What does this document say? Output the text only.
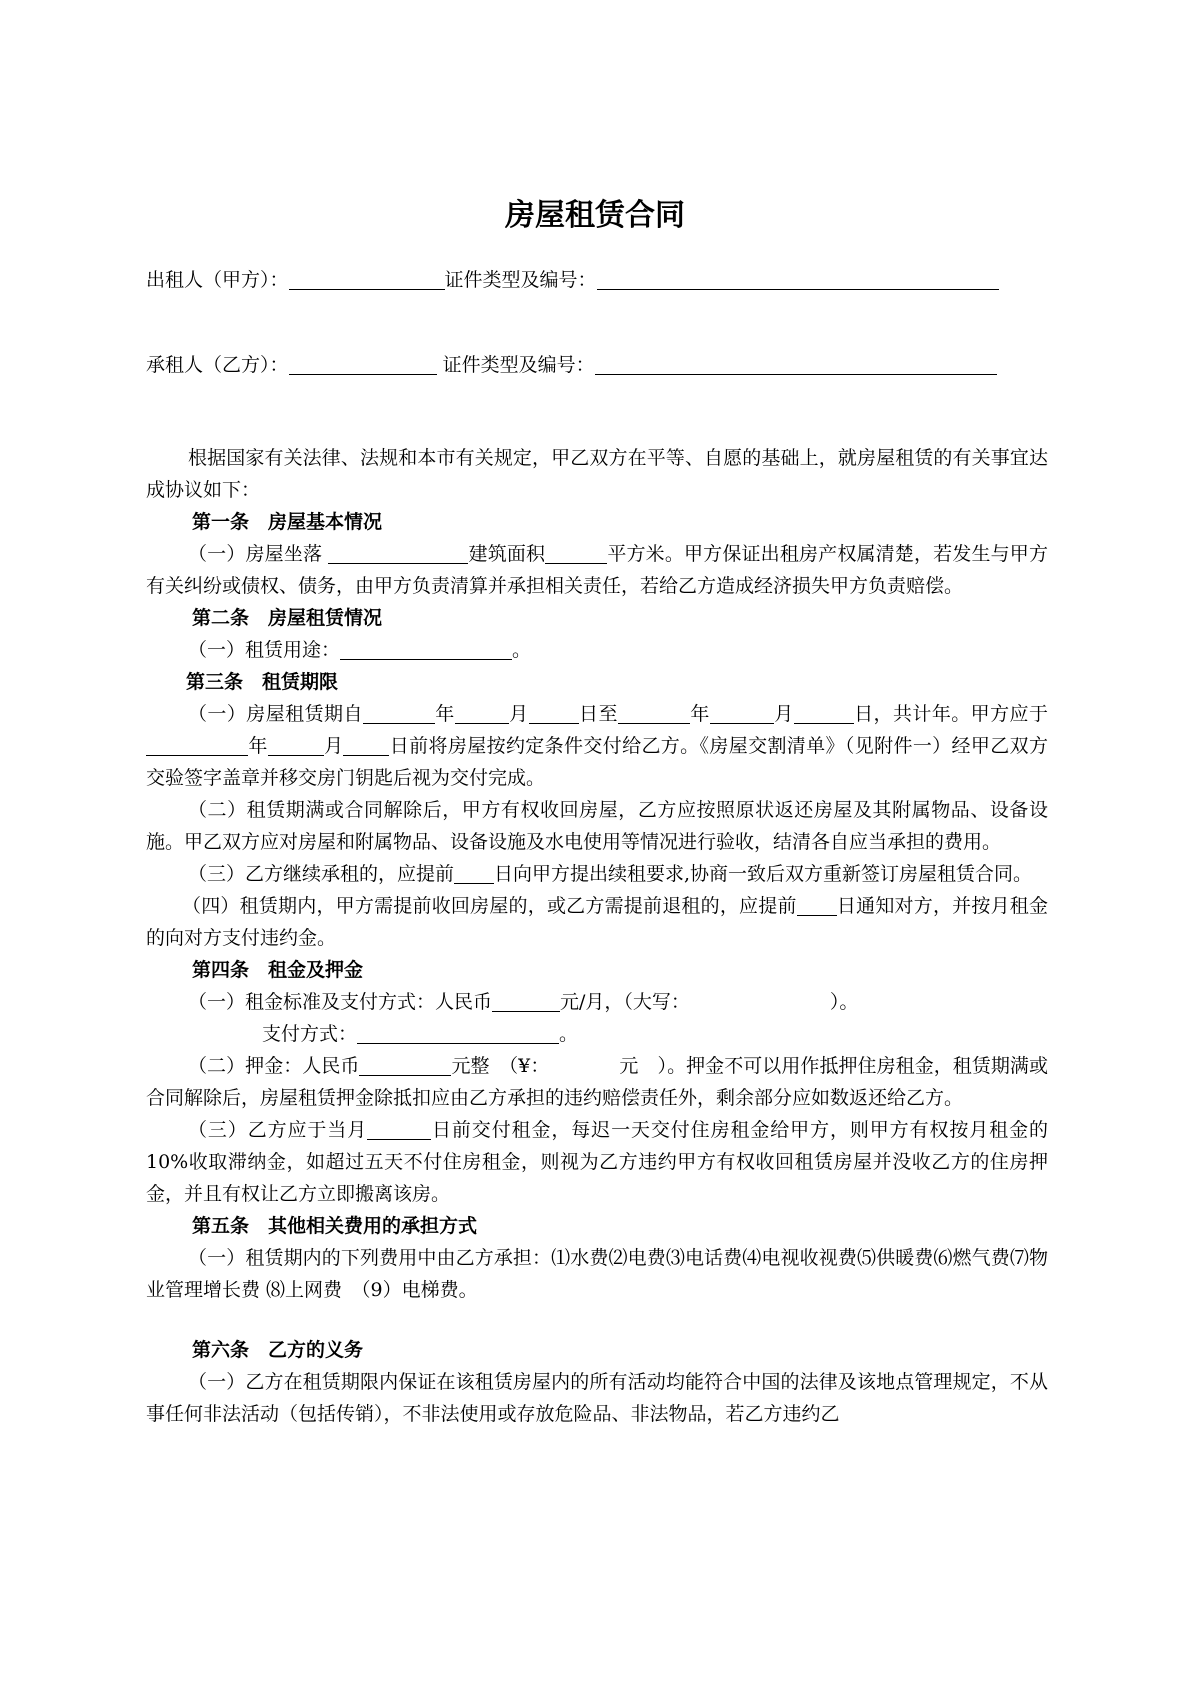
房屋租赁合同
出租人（甲方）：	证件类型及编号：
承租人（乙方）：	证件类型及编号：

根据国家有关法律、法规和本市有关规定，甲乙双方在平等、自愿的基础上，就房屋租赁的有关事宜达成协议如下：

第一条　房屋基本情况

（一）房屋坐落	建筑面积	平方米。甲方保证出租房产权属清楚，若发生与甲方有关纠纷或债权、债务，由甲方负责清算并承担相关责任，若给乙方造成经济损失甲方负责赔偿。

第二条　房屋租赁情况

（一）租赁用途：	。

第三条　租赁期限

（一）房屋租赁期自	年	月	日至	年	月	日，共计年。甲方应于年	月 日前将房屋按约定条件交付给乙方。《房屋交割清单》（见附件一）经甲乙双方交验签字盖章并移交房门钥匙后视为交付完成。

（二）租赁期满或合同解除后，甲方有权收回房屋，乙方应按照原状返还房屋及其附属物品、设备设施。甲乙双方应对房屋和附属物品、设备设施及水电使用等情况进行验收，结清各自应当承担的费用。

（三）乙方继续承租的，应提前 日向甲方提出续租要求,协商一致后双方重新签订房屋租赁合同。

（四）租赁期内，甲方需提前收回房屋的，或乙方需提前退租的，应提前 日通知对方，并按月租金的向对方支付违约金。

第四条　租金及押金

（一）租金标准及支付方式：人民币	元/月，（大写：	）。

支付方式：	。

（二）押金：人民币	元整　（¥：	元　）。押金不可以用作抵押住房租金，租赁期满或合同解除后，房屋租赁押金除抵扣应由乙方承担的违约赔偿责任外，剩余部分应如数返还给乙方。

（三）乙方应于当月	日前交付租金，每迟一天交付住房租金给甲方，则甲方有权按月租金的10%收取滞纳金，如超过五天不付住房租金，则视为乙方违约甲方有权收回租赁房屋并没收乙方的住房押金，并且有权让乙方立即搬离该房。

第五条　其他相关费用的承担方式

（一）租赁期内的下列费用中由乙方承担：⑴水费⑵电费⑶电话费⑷电视收视费⑸供暖费⑹燃气费⑺物业管理增长费 ⑻上网费　（9）电梯费。

第六条　乙方的义务

（一）乙方在租赁期限内保证在该租赁房屋内的所有活动均能符合中国的法律及该地点管理规定，不从事任何非法活动（包括传销），不非法使用或存放危险品、非法物品，若乙方违约乙
